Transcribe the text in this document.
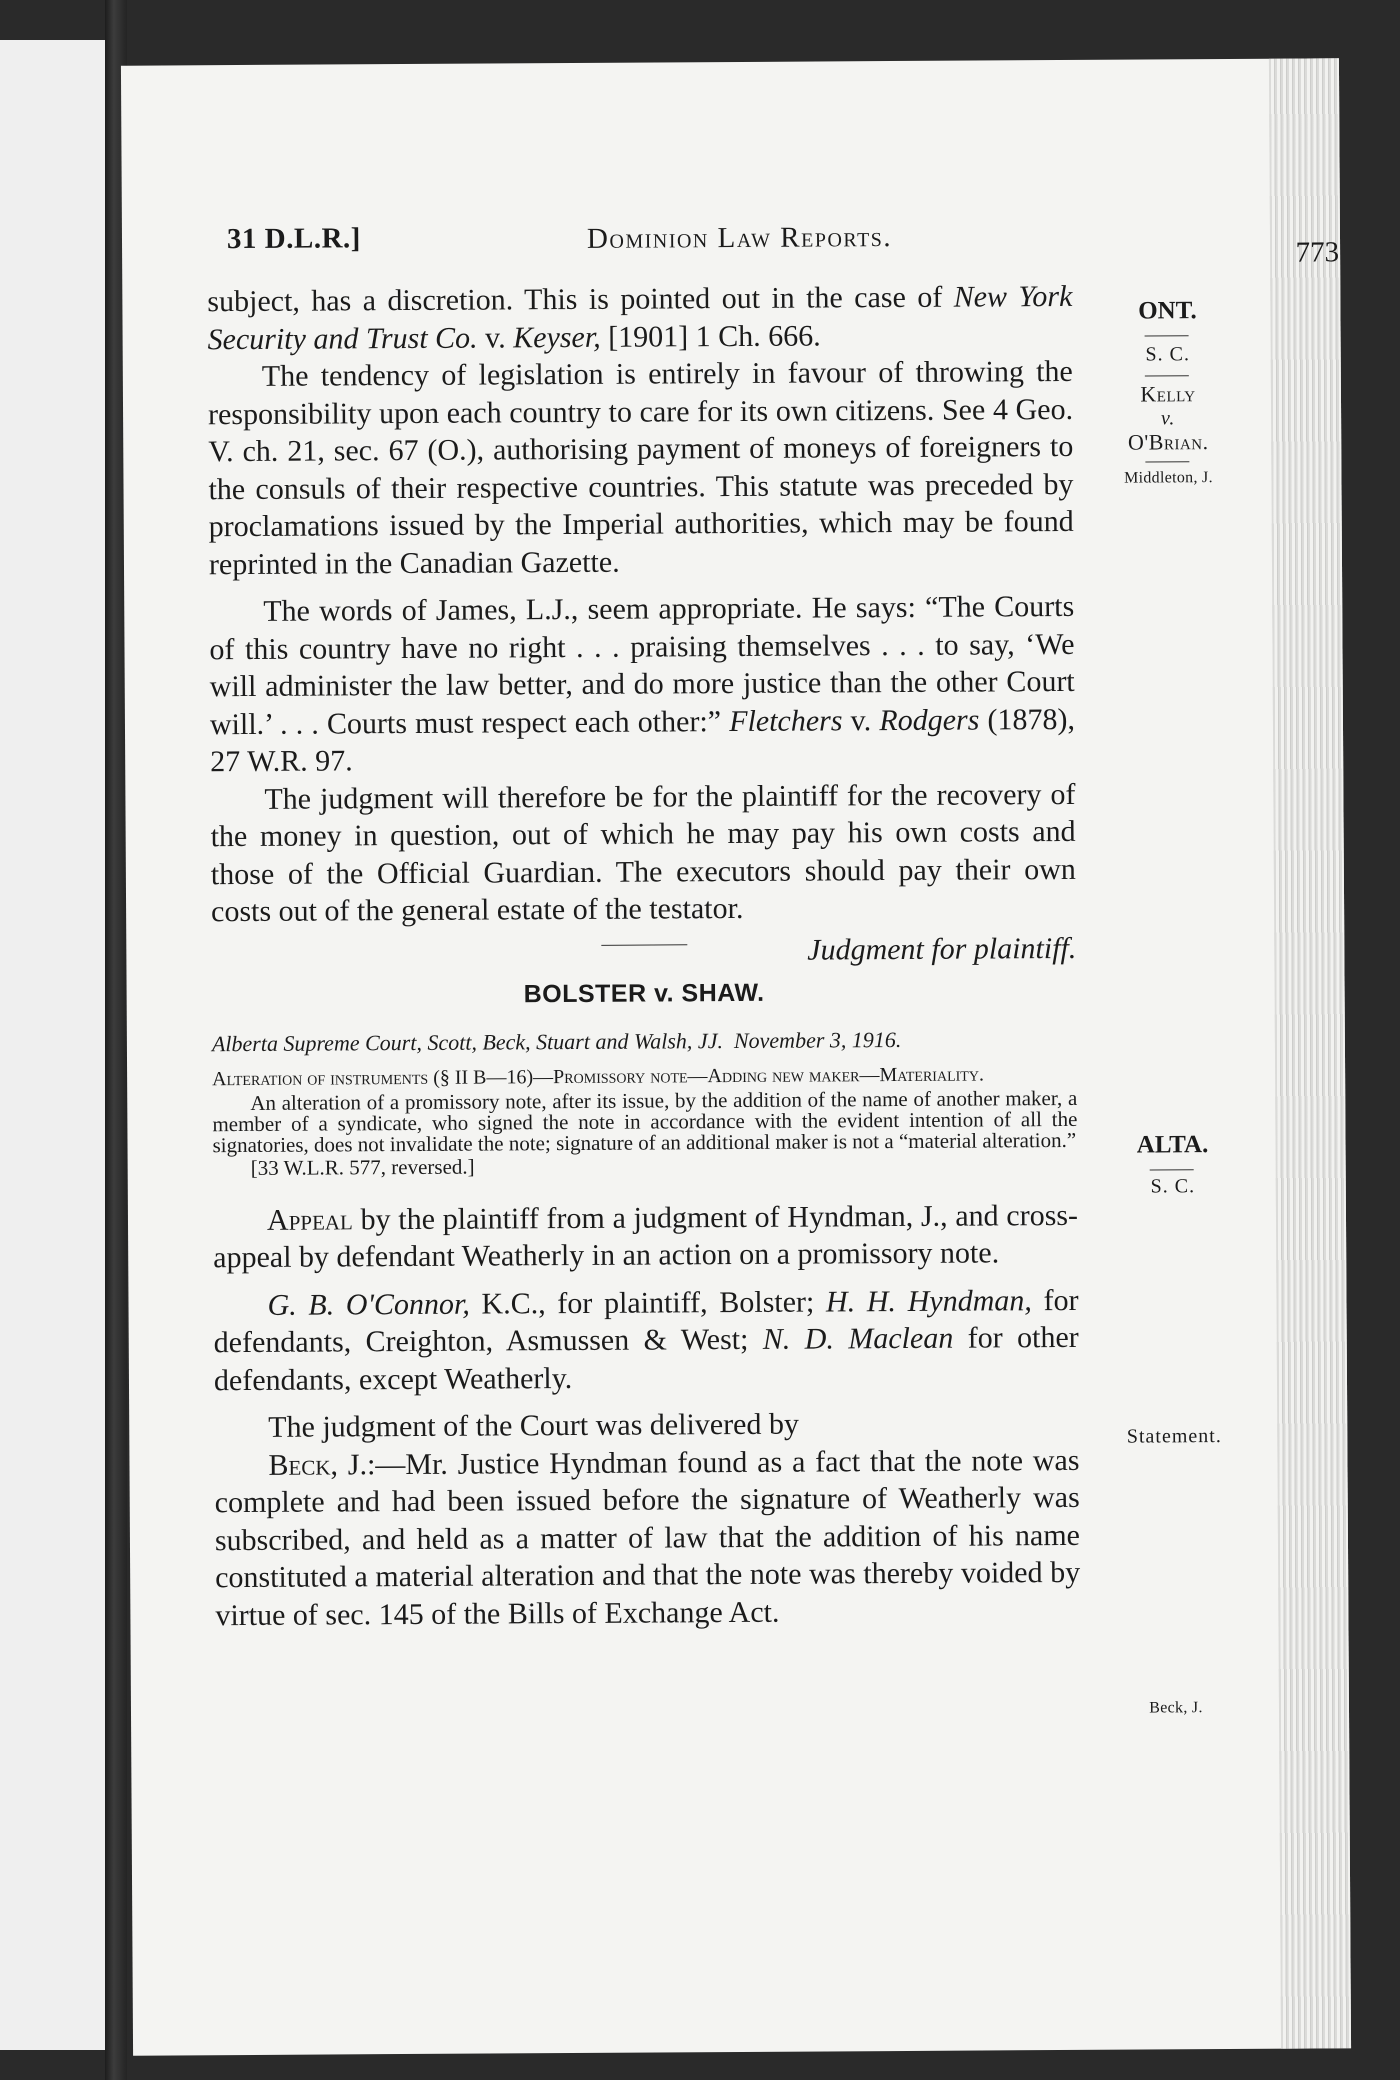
31 D.L.R.]	Dominion Law Reports.	773

subject, has a discretion. This is pointed out in the case of New York Security and Trust Co. v. Keyser, [1901] 1 Ch. 666.

The tendency of legislation is entirely in favour of throwing the responsibility upon each country to care for its own citizens. See 4 Geo. V. ch. 21, sec. 67 (O.), authorising payment of moneys of foreigners to the consuls of their respective countries. This statute was preceded by proclamations issued by the Imperial authorities, which may be found reprinted in the Canadian Gazette.

The words of James, L.J., seem appropriate. He says: “The Courts of this country have no right . . . praising themselves . . . to say, ‘We will administer the law better, and do more justice than the other Court will.’ . . . Courts must respect each other:” Fletchers v. Rodgers (1878), 27 W.R. 97.

The judgment will therefore be for the plaintiff for the recovery of the money in question, out of which he may pay his own costs and those of the Official Guardian. The executors should pay their own costs out of the general estate of the testator.

Judgment for plaintiff.

BOLSTER v. SHAW.

Alberta Supreme Court, Scott, Beck, Stuart and Walsh, JJ. November 3, 1916.

Alteration of instruments (§ II B—16)—Promissory note—Adding new maker—Materiality.

An alteration of a promissory note, after its issue, by the addition of the name of another maker, a member of a syndicate, who signed the note in accordance with the evident intention of all the signatories, does not invalidate the note; signature of an additional maker is not a “material alteration.”

[33 W.L.R. 577, reversed.]

Appeal by the plaintiff from a judgment of Hyndman, J., and cross-appeal by defendant Weatherly in an action on a promissory note.

G. B. O'Connor, K.C., for plaintiff, Bolster; H. H. Hyndman, for defendants, Creighton, Asmussen & West; N. D. Maclean for other defendants, except Weatherly.

The judgment of the Court was delivered by

Beck, J.:—Mr. Justice Hyndman found as a fact that the note was complete and had been issued before the signature of Weatherly was subscribed, and held as a matter of law that the addition of his name constituted a material alteration and that the note was thereby voided by virtue of sec. 145 of the Bills of Exchange Act.

ONT.
S. C.
Kelly
v.
O'Brian.
Middleton, J.
ALTA.
S. C.
Statement.
Beck, J.
